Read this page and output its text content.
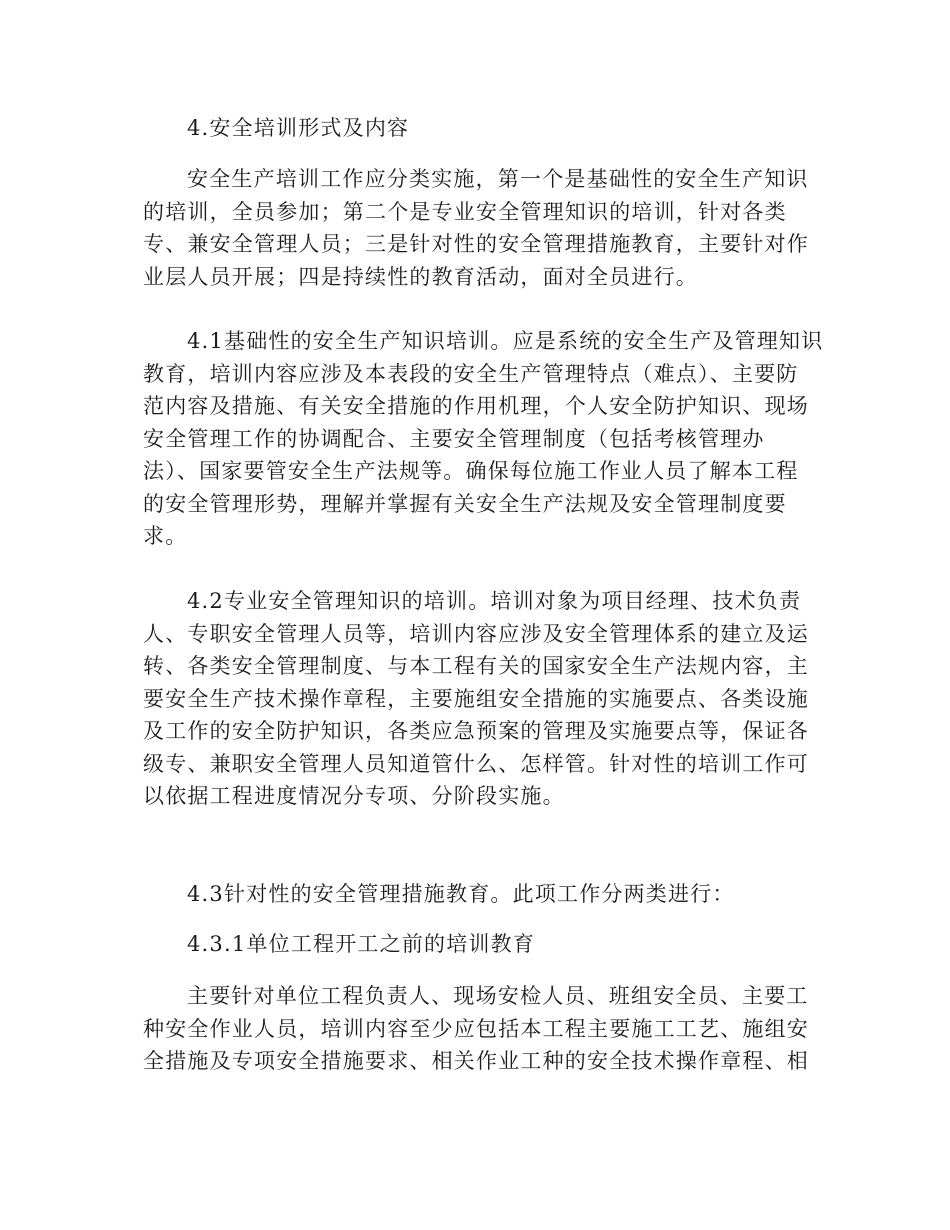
4.安全培训形式及内容
安全生产培训工作应分类实施，第一个是基础性的安全生产知识
的培训，全员参加；第二个是专业安全管理知识的培训，针对各类
专、兼安全管理人员；三是针对性的安全管理措施教育，主要针对作
业层人员开展；四是持续性的教育活动，面对全员进行。
4.1基础性的安全生产知识培训。应是系统的安全生产及管理知识
教育，培训内容应涉及本表段的安全生产管理特点（难点）、主要防
范内容及措施、有关安全措施的作用机理，个人安全防护知识、现场
安全管理工作的协调配合、主要安全管理制度（包括考核管理办
法）、国家要管安全生产法规等。确保每位施工作业人员了解本工程
的安全管理形势，理解并掌握有关安全生产法规及安全管理制度要
求。
4.2专业安全管理知识的培训。培训对象为项目经理、技术负责
人、专职安全管理人员等，培训内容应涉及安全管理体系的建立及运
转、各类安全管理制度、与本工程有关的国家安全生产法规内容，主
要安全生产技术操作章程，主要施组安全措施的实施要点、各类设施
及工作的安全防护知识，各类应急预案的管理及实施要点等，保证各
级专、兼职安全管理人员知道管什么、怎样管。针对性的培训工作可
以依据工程进度情况分专项、分阶段实施。
4.3针对性的安全管理措施教育。此项工作分两类进行：
4.3.1单位工程开工之前的培训教育
主要针对单位工程负责人、现场安检人员、班组安全员、主要工
种安全作业人员，培训内容至少应包括本工程主要施工工艺、施组安
全措施及专项安全措施要求、相关作业工种的安全技术操作章程、相
